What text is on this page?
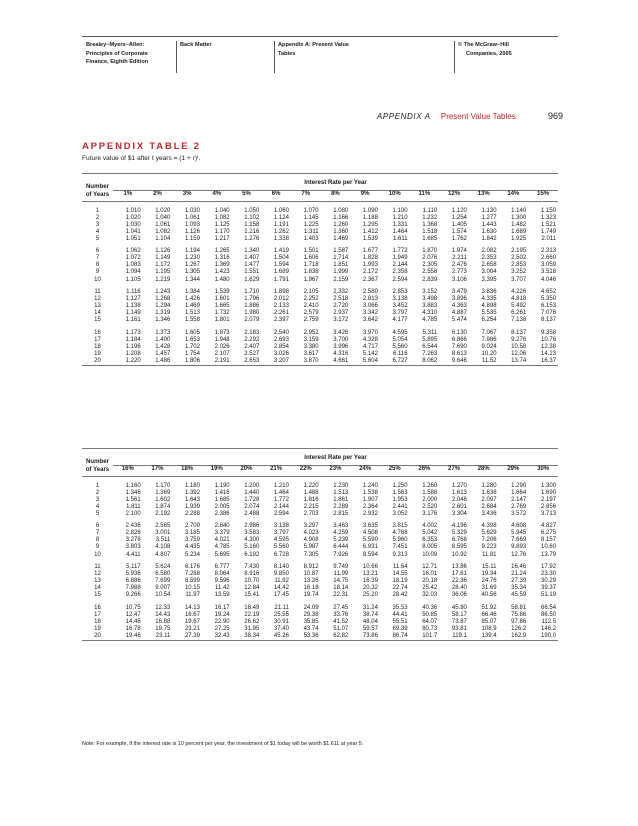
Brealey−Myers−Allen:
Principles of Corporate
Finance, Eighth Edition
Back Matter	Appendix A: Present Value
Tables
© The McGraw−Hill
Companies, 2005
APPENDIX A Present Value Tables	969
APPENDIX TABLE 2
Future value of $1 after t years = (1 + r)ᵗ.
Number	Interest Rate per Year														
of Years	1%	2%	3%	4%	5%	6%	7%	8%	9%	10%	11%	12%	13%	14%	15%

1	1.010	1.020	1.030	1.040	1.050	1.060	1.070	1.080	1.090	1.100	1.110	1.120	1.130	1.140	1.150
2	1.020	1.040	1.061	1.082	1.102	1.124	1.145	1.166	1.188	1.210	1.232	1.254	1.277	1.300	1.323
3	1.030	1.061	1.093	1.125	1.158	1.191	1.225	1.260	1.295	1.331	1.368	1.405	1.443	1.482	1.521
4	1.041	1.082	1.126	1.170	1.216	1.262	1.311	1.360	1.412	1.464	1.518	1.574	1.630	1.689	1.749
5	1.051	1.104	1.159	1.217	1.276	1.338	1.403	1.469	1.539	1.611	1.685	1.762	1.842	1.925	2.011

6	1.062	1.126	1.194	1.265	1.340	1.419	1.501	1.587	1.677	1.772	1.870	1.974	2.082	2.195	2.313
7	1.072	1.149	1.230	1.316	1.407	1.504	1.606	1.714	1.828	1.949	2.076	2.211	2.353	2.502	2.660
8	1.083	1.172	1.267	1.369	1.477	1.594	1.718	1.851	1.993	2.144	2.305	2.476	2.658	2.853	3.059
9	1.094	1.195	1.305	1.423	1.551	1.689	1.838	1.999	2.172	2.358	2.558	2.773	3.004	3.252	3.518
10	1.105	1.219	1.344	1.480	1.629	1.791	1.967	2.159	2.367	2.594	2.839	3.106	3.395	3.707	4.046

11	1.116	1.243	1.384	1.539	1.710	1.898	2.105	2.332	2.580	2.853	3.152	3.479	3.836	4.226	4.652
12	1.127	1.268	1.426	1.601	1.796	2.012	2.252	2.518	2.813	3.138	3.498	3.896	4.335	4.818	5.350
13	1.138	1.294	1.469	1.665	1.886	2.133	2.410	2.720	3.066	3.452	3.883	4.363	4.898	5.492	6.153
14	1.149	1.319	1.513	1.732	1.980	2.261	2.579	2.937	3.342	3.797	4.310	4.887	5.535	6.261	7.076
15	1.161	1.346	1.558	1.801	2.079	2.397	2.759	3.172	3.642	4.177	4.785	5.474	6.254	7.138	8.137

16	1.173	1.373	1.605	1.873	2.183	2.540	2.952	3.426	3.970	4.595	5.311	6.130	7.067	8.137	9.358
17	1.184	1.400	1.653	1.948	2.292	2.693	3.159	3.700	4.328	5.054	5.895	6.866	7.986	9.276	10.76
18	1.196	1.428	1.702	2.026	2.407	2.854	3.380	3.996	4.717	5.560	6.544	7.690	9.024	10.58	12.38
19	1.208	1.457	1.754	2.107	2.527	3.026	3.617	4.316	5.142	6.116	7.263	8.613	10.20	12.06	14.23
20	1.220	1.486	1.806	2.191	2.653	3.207	3.870	4.661	5.604	6.727	8.062	9.646	11.52	13.74	16.37
Number	Interest Rate per Year														
of Years	16%	17%	18%	19%	20%	21%	22%	23%	24%	25%	26%	27%	28%	29%	30%

1	1.160	1.170	1.180	1.190	1.200	1.210	1.220	1.230	1.240	1.250	1.260	1.270	1.280	1.290	1.300
2	1.346	1.369	1.392	1.416	1.440	1.464	1.488	1.513	1.538	1.563	1.588	1.613	1.638	1.664	1.690
3	1.561	1.602	1.643	1.685	1.728	1.772	1.816	1.861	1.907	1.953	2.000	2.048	2.097	2.147	2.197
4	1.811	1.874	1.939	2.005	2.074	2.144	2.215	2.289	2.364	2.441	2.520	2.601	2.684	2.769	2.856
5	2.100	2.192	2.288	2.386	2.488	2.594	2.703	2.815	2.932	3.052	3.176	3.304	3.436	3.572	3.713

6	2.436	2.565	2.700	2.840	2.986	3.138	3.297	3.463	3.635	3.815	4.002	4.196	4.398	4.608	4.827
7	2.826	3.001	3.185	3.379	3.583	3.797	4.023	4.259	4.508	4.768	5.042	5.329	5.629	5.945	6.275
8	3.278	3.511	3.759	4.021	4.300	4.595	4.908	5.239	5.590	5.960	6.353	6.768	7.206	7.669	8.157
9	3.803	4.108	4.435	4.785	5.160	5.560	5.987	6.444	6.931	7.451	8.005	8.595	9.223	9.893	10.60
10	4.411	4.807	5.234	5.695	6.192	6.728	7.305	7.926	8.594	9.313	10.09	10.92	11.81	12.76	13.79

11	5.117	5.624	6.176	6.777	7.430	8.140	8.912	9.749	10.66	11.64	12.71	13.86	15.11	16.46	17.92
12	5.936	6.580	7.288	8.064	8.916	9.850	10.87	11.99	13.21	14.55	16.01	17.61	19.34	21.24	23.30
13	6.886	7.699	8.599	9.596	10.70	11.92	13.26	14.75	16.39	18.19	20.18	22.36	24.76	27.39	30.29
14	7.988	9.007	10.15	11.42	12.84	14.42	16.18	18.14	20.32	22.74	25.42	28.40	31.69	35.34	39.37
15	9.266	10.54	11.97	13.59	15.41	17.45	19.74	22.31	25.20	28.42	32.03	36.06	40.56	45.59	51.19

16	10.75	12.33	14.13	16.17	18.49	21.11	24.09	27.45	31.24	35.53	40.36	45.80	51.92	58.81	66.54
17	12.47	14.43	16.67	19.24	22.19	25.55	29.38	33.76	38.74	44.41	50.85	58.17	66.46	75.86	86.50
18	14.46	16.88	19.67	22.90	26.62	30.91	35.85	41.52	48.04	55.51	64.07	73.87	85.07	97.86	112.5
19	16.78	19.75	23.21	27.25	31.95	37.40	43.74	51.07	59.57	69.39	80.73	93.81	108.9	126.2	146.2
20	19.46	23.11	27.39	32.43	38.34	45.26	53.36	62.82	73.86	86.74	101.7	119.1	139.4	162.9	190.0
Note: For example, if the interest rate is 10 percent per year, the investment of $1 today will be worth $1.611 at year 5.
